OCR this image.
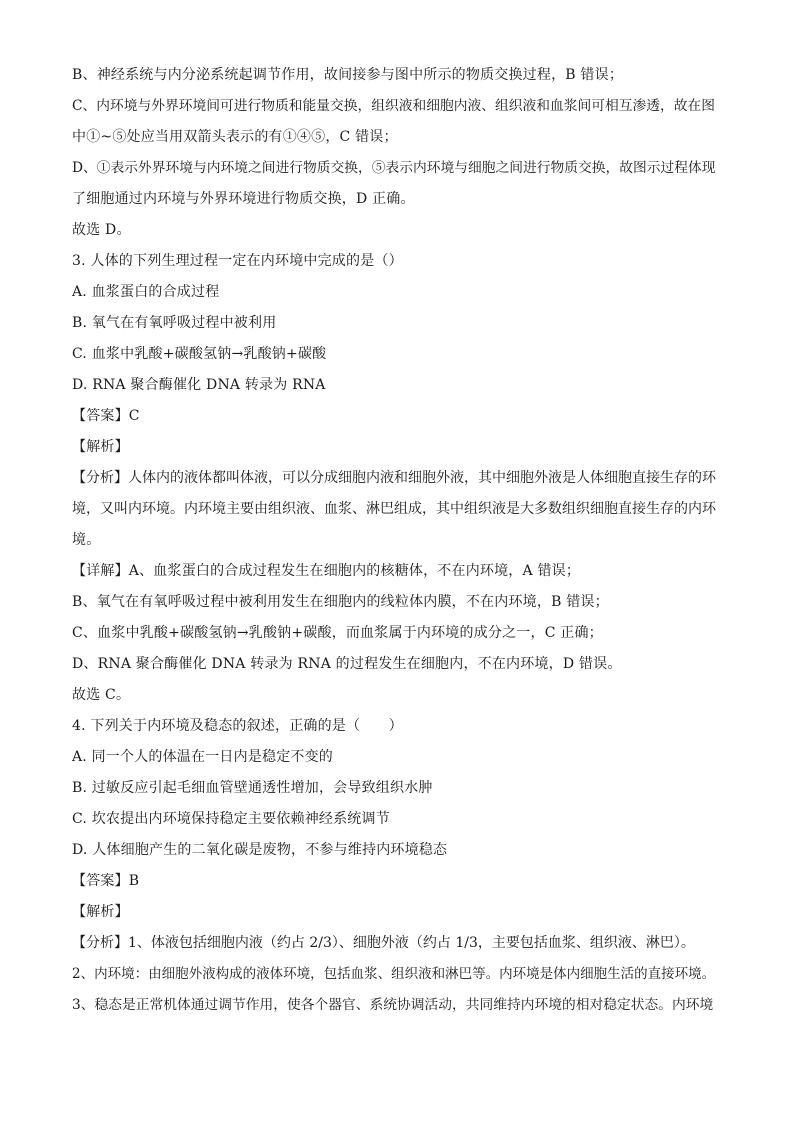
B、神经系统与内分泌系统起调节作用，故间接参与图中所示的物质交换过程，B 错误；
C、内环境与外界环境间可进行物质和能量交换，组织液和细胞内液、组织液和血浆间可相互渗透，故在图
中①~⑤处应当用双箭头表示的有①④⑤，C 错误；
D、①表示外界环境与内环境之间进行物质交换，⑤表示内环境与细胞之间进行物质交换，故图示过程体现
了细胞通过内环境与外界环境进行物质交换，D 正确。
故选 D。
3. 人体的下列生理过程一定在内环境中完成的是（）
A. 血浆蛋白的合成过程
B. 氧气在有氧呼吸过程中被利用
C. 血浆中乳酸+碳酸氢钠→乳酸钠+碳酸
D. RNA 聚合酶催化 DNA 转录为 RNA
【答案】C
【解析】
【分析】人体内的液体都叫体液，可以分成细胞内液和细胞外液，其中细胞外液是人体细胞直接生存的环
境，又叫内环境。内环境主要由组织液、血浆、淋巴组成，其中组织液是大多数组织细胞直接生存的内环
境。
【详解】A、血浆蛋白的合成过程发生在细胞内的核糖体，不在内环境，A 错误；
B、氧气在有氧呼吸过程中被利用发生在细胞内的线粒体内膜，不在内环境，B 错误；
C、血浆中乳酸+碳酸氢钠→乳酸钠+碳酸，而血浆属于内环境的成分之一，C 正确；
D、RNA 聚合酶催化 DNA 转录为 RNA 的过程发生在细胞内，不在内环境，D 错误。
故选 C。
4. 下列关于内环境及稳态的叙述，正确的是（　　）
A. 同一个人的体温在一日内是稳定不变的
B. 过敏反应引起毛细血管壁通透性增加，会导致组织水肿
C. 坎农提出内环境保持稳定主要依赖神经系统调节
D. 人体细胞产生的二氧化碳是废物，不参与维持内环境稳态
【答案】B
【解析】
【分析】1、体液包括细胞内液（约占 2/3）、细胞外液（约占 1/3，主要包括血浆、组织液、淋巴）。
2、内环境：由细胞外液构成的液体环境，包括血浆、组织液和淋巴等。内环境是体内细胞生活的直接环境。
3、稳态是正常机体通过调节作用，使各个器官、系统协调活动，共同维持内环境的相对稳定状态。内环境
